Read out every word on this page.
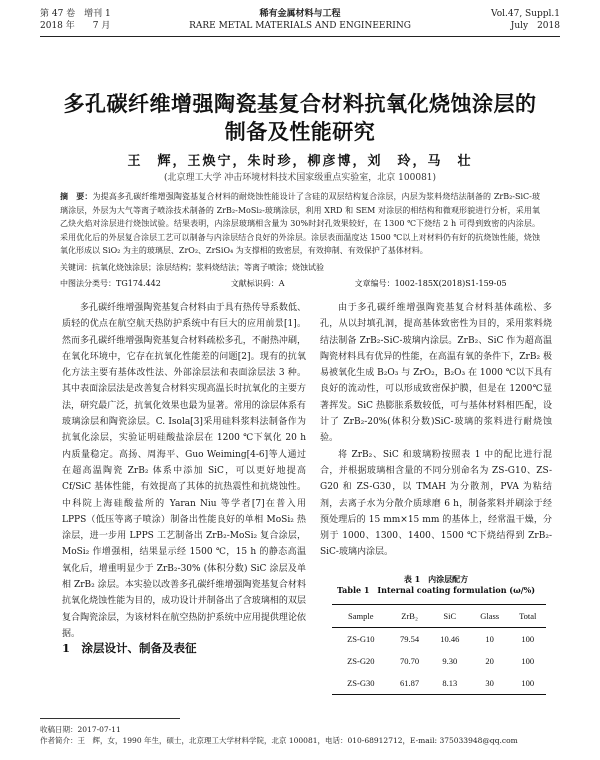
第 47 卷　增刊 1
2018 年　　7 月
稀有金属材料与工程
RARE METAL MATERIALS AND ENGINEERING
Vol.47, Suppl.1
July　2018
多孔碳纤维增强陶瓷基复合材料抗氧化烧蚀涂层的
制备及性能研究
王　辉，王焕宁，朱时珍，柳彦博，刘　玲，马　壮
(北京理工大学 冲击环境材料技术国家级重点实验室，北京 100081)
摘　要：为提高多孔碳纤维增强陶瓷基复合材料的耐烧蚀性能设计了含硅的双层结构复合涂层，内层为浆料烧结法制备的 ZrB₂-SiC-玻璃涂层，外层为大气等离子喷涂技术制备的 ZrB₂-MoSi₂-玻璃涂层，利用 XRD 和 SEM 对涂层的相结构和微观形貌进行分析，采用氧乙炔火焰对涂层进行烧蚀试验。结果表明，内涂层玻璃相含量为 30%时封孔效果较好，在 1300 ℃下烧结 2 h 可得到致密的内涂层。采用优化后的外层复合涂层工艺可以制备与内涂层结合良好的外涂层。涂层表面温度达 1500 ℃以上对材料仍有好的抗烧蚀性能，烧蚀氧化形成以 SiO₂ 为主的玻璃层、ZrO₂、ZrSiO₄ 为支撑相的致密层，有效抑制、有效保护了基体材料。
关键词：抗氧化烧蚀涂层；涂层结构；浆料烧结法；等离子喷涂；烧蚀试验
中图法分类号：TG174.442	文献标识码：A	文章编号：1002-185X(2018)S1-159-05
多孔碳纤维增强陶瓷基复合材料由于具有热传导系数低、质轻的优点在航空航天热防护系统中有巨大的应用前景[1]。然而多孔碳纤维增强陶瓷基复合材料疏松多孔，不耐热冲刷，在氧化环境中，它存在抗氧化性能差的问题[2]。现有的抗氧化方法主要有基体改性法、外部涂层法和表面涂层法 3 种。其中表面涂层法是改善复合材料实现高温长时抗氧化的主要方法，研究最广泛，抗氧化效果也最为显著。常用的涂层体系有玻璃涂层和陶瓷涂层。C. Isola[3]采用硅料浆料法制备作为抗氧化涂层，实验证明硅酸盐涂层在 1200 ℃下氧化 20 h 内质量稳定。高扬、周海平、Guo Weiming[4-6]等人通过在超高温陶瓷 ZrB₂ 体系中添加 SiC，可以更好地提高 Cf/SiC 基体性能，有效提高了其体的抗热震性和抗烧蚀性。中科院上海硅酸盐所的 Yaran Niu 等学者[7]在普入用 LPPS（低压等离子喷涂）制备出性能良好的单相 MoSi₂ 热涂层，进一步用 LPPS 工艺制备出 ZrB₂-MoSi₂ 复合涂层，MoSi₂ 作增强相，结果显示经 1500 ℃，15 h 的静态高温氧化后，增重明显少于 ZrB₂-30% (体积分数) SiC 涂层及单相 ZrB₂ 涂层。本实验以改善多孔碳纤维增强陶瓷基复合材料抗氧化烧蚀性能为目的，成功设计并制备出了含玻璃相的双层复合陶瓷涂层，为该材料在航空热防护系统中应用提供理论依据。
1　涂层设计、制备及表征
由于多孔碳纤维增强陶瓷基复合材料基体疏松、多孔，从以封填孔洞，提高基体致密性为目的，采用浆料烧结法制备 ZrB₂-SiC-玻璃内涂层。ZrB₂、SiC 作为超高温陶瓷材料具有优异的性能，在高温有氧的条件下，ZrB₂ 极易被氧化生成 B₂O₃ 与 ZrO₂，B₂O₃ 在 1000 ℃以下具有良好的流动性，可以形成致密保护膜，但是在 1200℃显著挥发。SiC 热膨胀系数较低，可与基体材料相匹配，设计了 ZrB₂-20%(体积分数)SiC-玻璃的浆料进行耐烧蚀验。
将 ZrB₂、SiC 和玻璃粉按照表 1 中的配比进行混合，并根据玻璃相含量的不同分别命名为 ZS-G10、ZS-G20 和 ZS-G30，以 TMAH 为分散剂，PVA 为粘结剂，去离子水为分散介质球磨 6 h，制备浆料并刷涂于经预处理后的 15 mm×15 mm 的基体上，经常温干燥，分别于 1000、1300、1400、1500 ℃下烧结得到 ZrB₂-SiC-玻璃内涂层。
表 1　内涂层配方
Table 1　Internal coating formulation (ω/%)
Sample	ZrB₂	SiC	Glass	Total
ZS-G10	79.54	10.46	10	100
ZS-G20	70.70	9.30	20	100
ZS-G30	61.87	8.13	30	100
收稿日期：2017-07-11
作者简介：王　辉，女，1990 年生，硕士，北京理工大学材料学院，北京 100081，电话：010-68912712，E-mail: 375033948@qq.com
